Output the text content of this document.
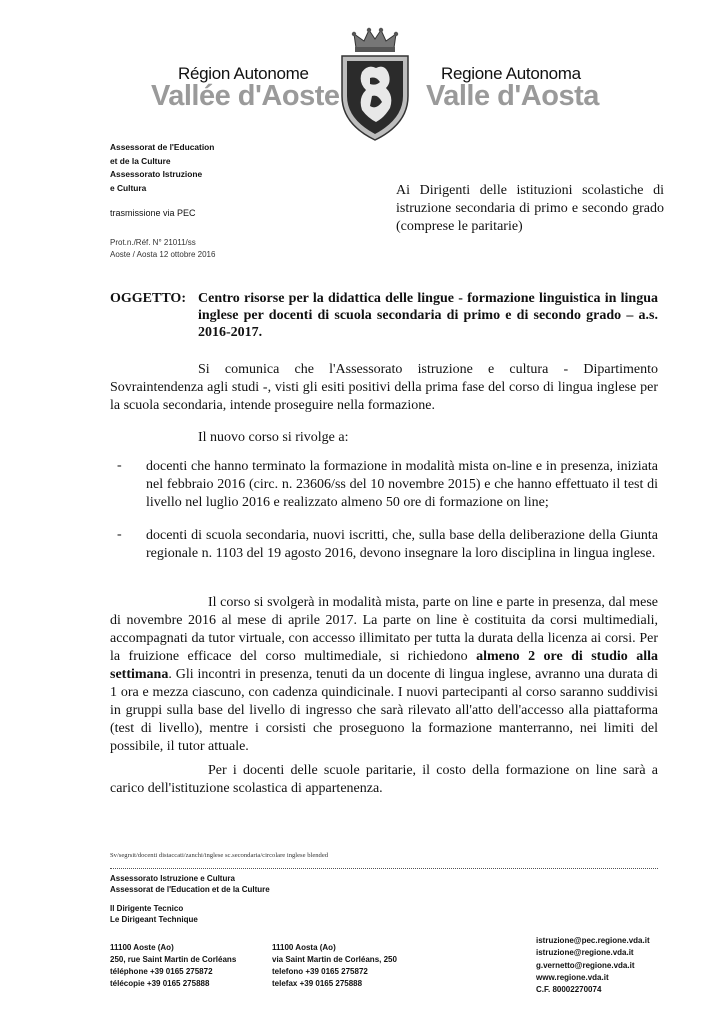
Région Autonome
Vallée d'Aoste
Regione Autonoma
Valle d'Aosta
Assessorat de l'Education
et de la Culture
Assessorato Istruzione
e Cultura
trasmissione via PEC
Prot.n./Réf. N° 21011/ss
Aoste / Aosta 12 ottobre 2016
Ai Dirigenti delle istituzioni scolastiche di istruzione secondaria di primo e secondo grado (comprese le paritarie)
OGGETTO: Centro risorse per la didattica delle lingue - formazione linguistica in lingua inglese per docenti di scuola secondaria di primo e di secondo grado – a.s. 2016-2017.
Si comunica che l'Assessorato istruzione e cultura - Dipartimento Sovraintendenza agli studi -, visti gli esiti positivi della prima fase del corso di lingua inglese per la scuola secondaria, intende proseguire nella formazione.
Il nuovo corso si rivolge a:
- docenti che hanno terminato la formazione in modalità mista on-line e in presenza, iniziata nel febbraio 2016 (circ. n. 23606/ss del 10 novembre 2015) e che hanno effettuato il test di livello nel luglio 2016 e realizzato almeno 50 ore di formazione on line;
- docenti di scuola secondaria, nuovi iscritti, che, sulla base della deliberazione della Giunta regionale n. 1103 del 19 agosto 2016, devono insegnare la loro disciplina in lingua inglese.
Il corso si svolgerà in modalità mista, parte on line e parte in presenza, dal mese di novembre 2016 al mese di aprile 2017. La parte on line è costituita da corsi multimediali, accompagnati da tutor virtuale, con accesso illimitato per tutta la durata della licenza ai corsi. Per la fruizione efficace del corso multimediale, si richiedono almeno 2 ore di studio alla settimana. Gli incontri in presenza, tenuti da un docente di lingua inglese, avranno una durata di 1 ora e mezza ciascuno, con cadenza quindicinale. I nuovi partecipanti al corso saranno suddivisi in gruppi sulla base del livello di ingresso che sarà rilevato all'atto dell'accesso alla piattaforma (test di livello), mentre i corsisti che proseguono la formazione manterranno, nei limiti del possibile, il tutor attuale.
Per i docenti delle scuole paritarie, il costo della formazione on line sarà a carico dell'istituzione scolastica di appartenenza.
Sv/segrsit/docenti distaccati/zanchi/inglese sc.secondaria/circolare inglese blended
Assessorato Istruzione e Cultura
Assessorat de l'Education et de la Culture
Il Dirigente Tecnico
Le Dirigeant Technique
11100 Aoste (Ao)
250, rue Saint Martin de Corléans
téléphone +39 0165 275872
télécopie +39 0165 275888
11100 Aosta (Ao)
via Saint Martin de Corléans, 250
telefono +39 0165 275872
telefax +39 0165 275888
istruzione@pec.regione.vda.it
istruzione@regione.vda.it
g.vernetto@regione.vda.it
www.regione.vda.it
C.F. 80002270074
